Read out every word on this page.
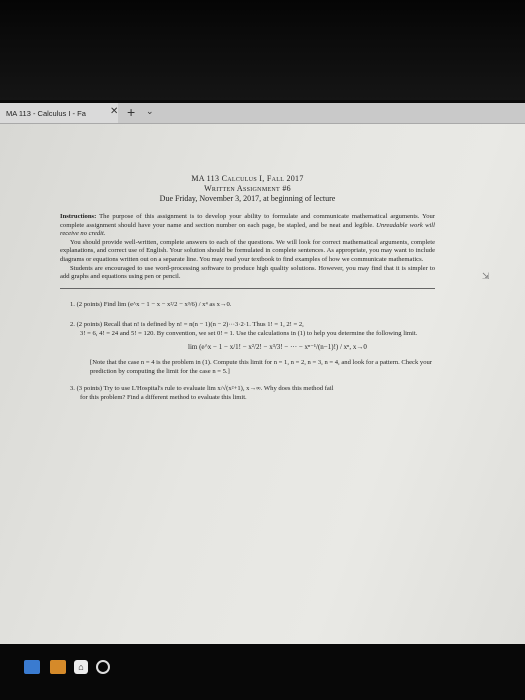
MA 113 - Calculus I - Fa ✕ + ⌄
MA 113 Calculus I, Fall 2017
Written Assignment #6
Due Friday, November 3, 2017, at beginning of lecture

Instructions: The purpose of this assignment is to develop your ability to formulate and communicate mathematical arguments. Your complete assignment should have your name and section number on each page, be stapled, and be neat and legible. Unreadable work will receive no credit.

You should provide well-written, complete answers to each of the questions. We will look for correct mathematical arguments, complete explanations, and correct use of English. Your solution should be formulated in complete sentences. As appropriate, you may want to include diagrams or equations written out on a separate line. You may read your textbook to find examples of how we communicate mathematics.

Students are encouraged to use word-processing software to produce high quality solutions. However, you may find that it is simpler to add graphs and equations using pen or pencil.

1. (2 points) Find lim (e^x − 1 − x − x²/2 − x³/6) / x⁴ as x→0.

2. (2 points) Recall that n! is defined by n! = n(n − 1)(n − 2)···3·2·1. Thus 1! = 1, 2! = 2,

3! = 6, 4! = 24 and 5! = 120. By convention, we set 0! = 1. Use the calculations in (1) to help you determine the following limit.

lim (e^x − 1 − x/1! − x²/2! − x³/3! − ··· − xⁿ⁻¹/(n−1)!) / xⁿ, x→0

[Note that the case n = 4 is the problem in (1). Compute this limit for n = 1, n = 2, n = 3, n = 4, and look for a pattern. Check your prediction by computing the limit for the case n = 5.]

3. (3 points) Try to use L'Hospital's rule to evaluate lim x/√(x²+1), x→∞. Why does this method fail

for this problem? Find a different method to evaluate this limit.

⇲
⌂
